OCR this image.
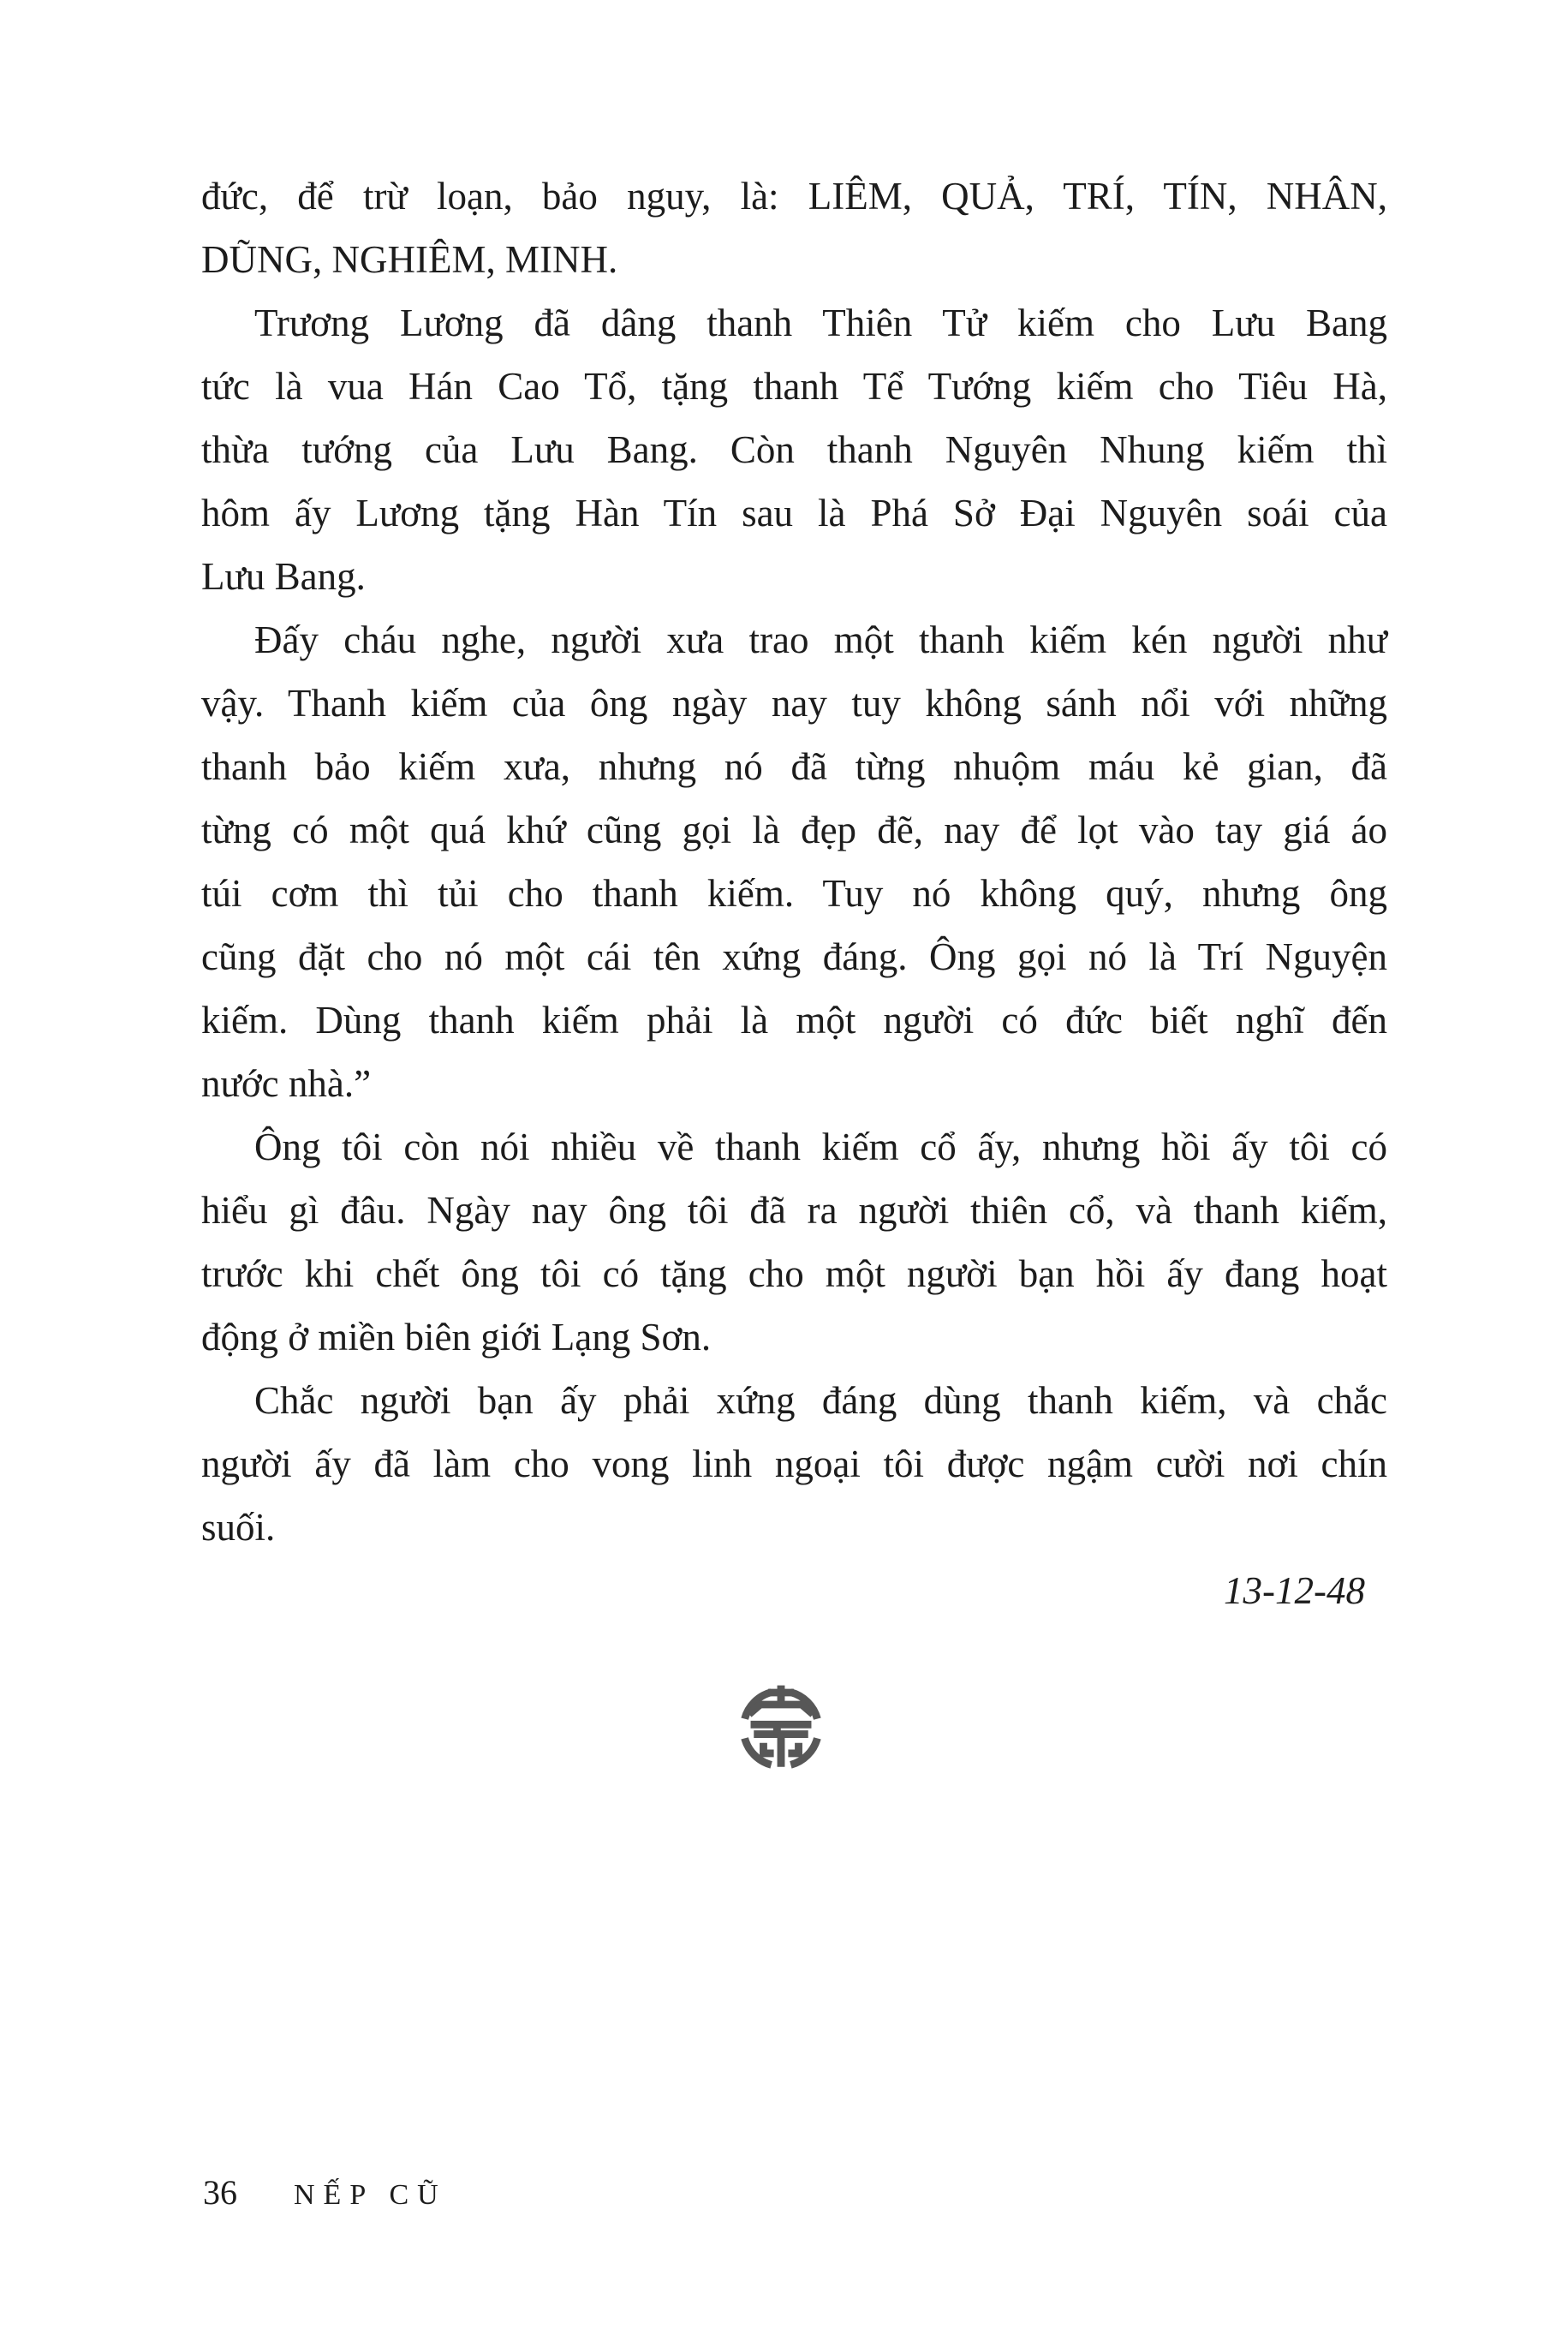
đức, để trừ loạn, bảo nguy, là: LIÊM, QUẢ, TRÍ, TÍN, NHÂN,
DŨNG, NGHIÊM, MINH.
Trương Lương đã dâng thanh Thiên Tử kiếm cho Lưu Bang
tức là vua Hán Cao Tổ, tặng thanh Tể Tướng kiếm cho Tiêu Hà,
thừa tướng của Lưu Bang. Còn thanh Nguyên Nhung kiếm thì
hôm ấy Lương tặng Hàn Tín sau là Phá Sở Đại Nguyên soái của
Lưu Bang.
Đấy cháu nghe, người xưa trao một thanh kiếm kén người như
vậy. Thanh kiếm của ông ngày nay tuy không sánh nổi với những
thanh bảo kiếm xưa, nhưng nó đã từng nhuộm máu kẻ gian, đã
từng có một quá khứ cũng gọi là đẹp đẽ, nay để lọt vào tay giá áo
túi cơm thì tủi cho thanh kiếm. Tuy nó không quý, nhưng ông
cũng đặt cho nó một cái tên xứng đáng. Ông gọi nó là Trí Nguyện
kiếm. Dùng thanh kiếm phải là một người có đức biết nghĩ đến
nước nhà.”
Ông tôi còn nói nhiều về thanh kiếm cổ ấy, nhưng hồi ấy tôi có
hiểu gì đâu. Ngày nay ông tôi đã ra người thiên cổ, và thanh kiếm,
trước khi chết ông tôi có tặng cho một người bạn hồi ấy đang hoạt
động ở miền biên giới Lạng Sơn.
Chắc người bạn ấy phải xứng đáng dùng thanh kiếm, và chắc
người ấy đã làm cho vong linh ngoại tôi được ngậm cười nơi chín
suối.
13-12-48
36 NẾP CŨ
